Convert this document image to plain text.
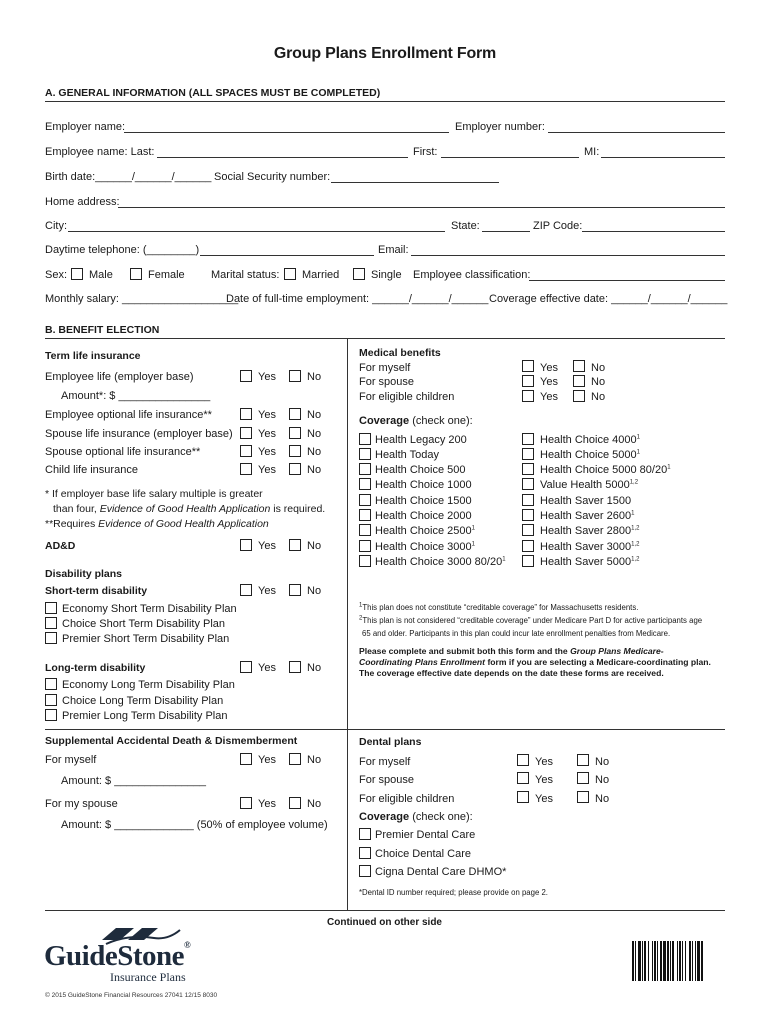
Group Plans Enrollment Form
A. GENERAL INFORMATION (ALL SPACES MUST BE COMPLETED)
Employer name:	Employer number:
Employee name: Last:	First:	MI:
Birth date:______/______/______ Social Security number:
Home address:
City:	State:	ZIP Code:
Daytime telephone: (________)	Email:
Sex: Male	Female Marital status: Married	Single Employee classification:
Monthly salary: ___________________
Date of full-time employment: ______/______/______ Coverage effective date: ______/______/______
B. BENEFIT ELECTION
Term life insurance
Employee life (employer base)	Yes	No
Amount*: $ _______________
Employee optional life insurance**	Yes	No
Spouse life insurance (employer base) Yes	No
Spouse optional life insurance**	Yes	No
Child life insurance	Yes	No
* If employer base life salary multiple is greater
than four, Evidence of Good Health Application is required.
**Requires Evidence of Good Health Application
AD&D	Yes	No
Disability plans
Short-term disability	Yes	No
Economy Short Term Disability Plan
Choice Short Term Disability Plan
Premier Short Term Disability Plan
Long-term disability	Yes	No
Economy Long Term Disability Plan
Choice Long Term Disability Plan
Premier Long Term Disability Plan
Supplemental Accidental Death & Dismemberment
For myself	Yes	No
Amount: $ _______________
For my spouse	Yes	No
Amount: $ _____________ (50% of employee volume)
Medical benefits
For myself	Yes	No
For spouse	Yes	No
For eligible children	Yes	No
Coverage (check one):
Health Legacy 200
Health Today
Health Choice 500
Health Choice 1000
Health Choice 1500
Health Choice 2000
Health Choice 2500$^1$
Health Choice 3000$^1$
Health Choice 3000 $80/20^1$
Health Choice 4000$^1$
Health Choice 5000$^1$
Health Choice 5000 $80/20^1$
Value Health 5000$^{1,2}$
Health Saver 1500
Health Saver 2600$^1$
Health Saver 2800$^{1,2}$
Health Saver 3000$^{1,2}$
Health Saver 5000$^{1,2}$
$^1$This plan does not constitute “creditable coverage” for Massachusetts residents.
$^2$This plan is not considered “creditable coverage” under Medicare Part D for active participants age
65 and older. Participants in this plan could incur late enrollment penalties from Medicare.
Please complete and submit both this form and the Group Plans Medicare-Coordinating Plans Enrollment form if you are selecting a Medicare-coordinating plan. The coverage effective date depends on the date these forms are received.
Dental plans
For myself	Yes	No
For spouse	Yes	No
For eligible children	Yes	No
Coverage (check one):
Premier Dental Care
Choice Dental Care
Cigna Dental Care DHMO*
*Dental ID number required; please provide on page 2.
Continued on other side
GuideStone®
Insurance Plans
© 2015 GuideStone Financial Resources 27041 12/15 8030
